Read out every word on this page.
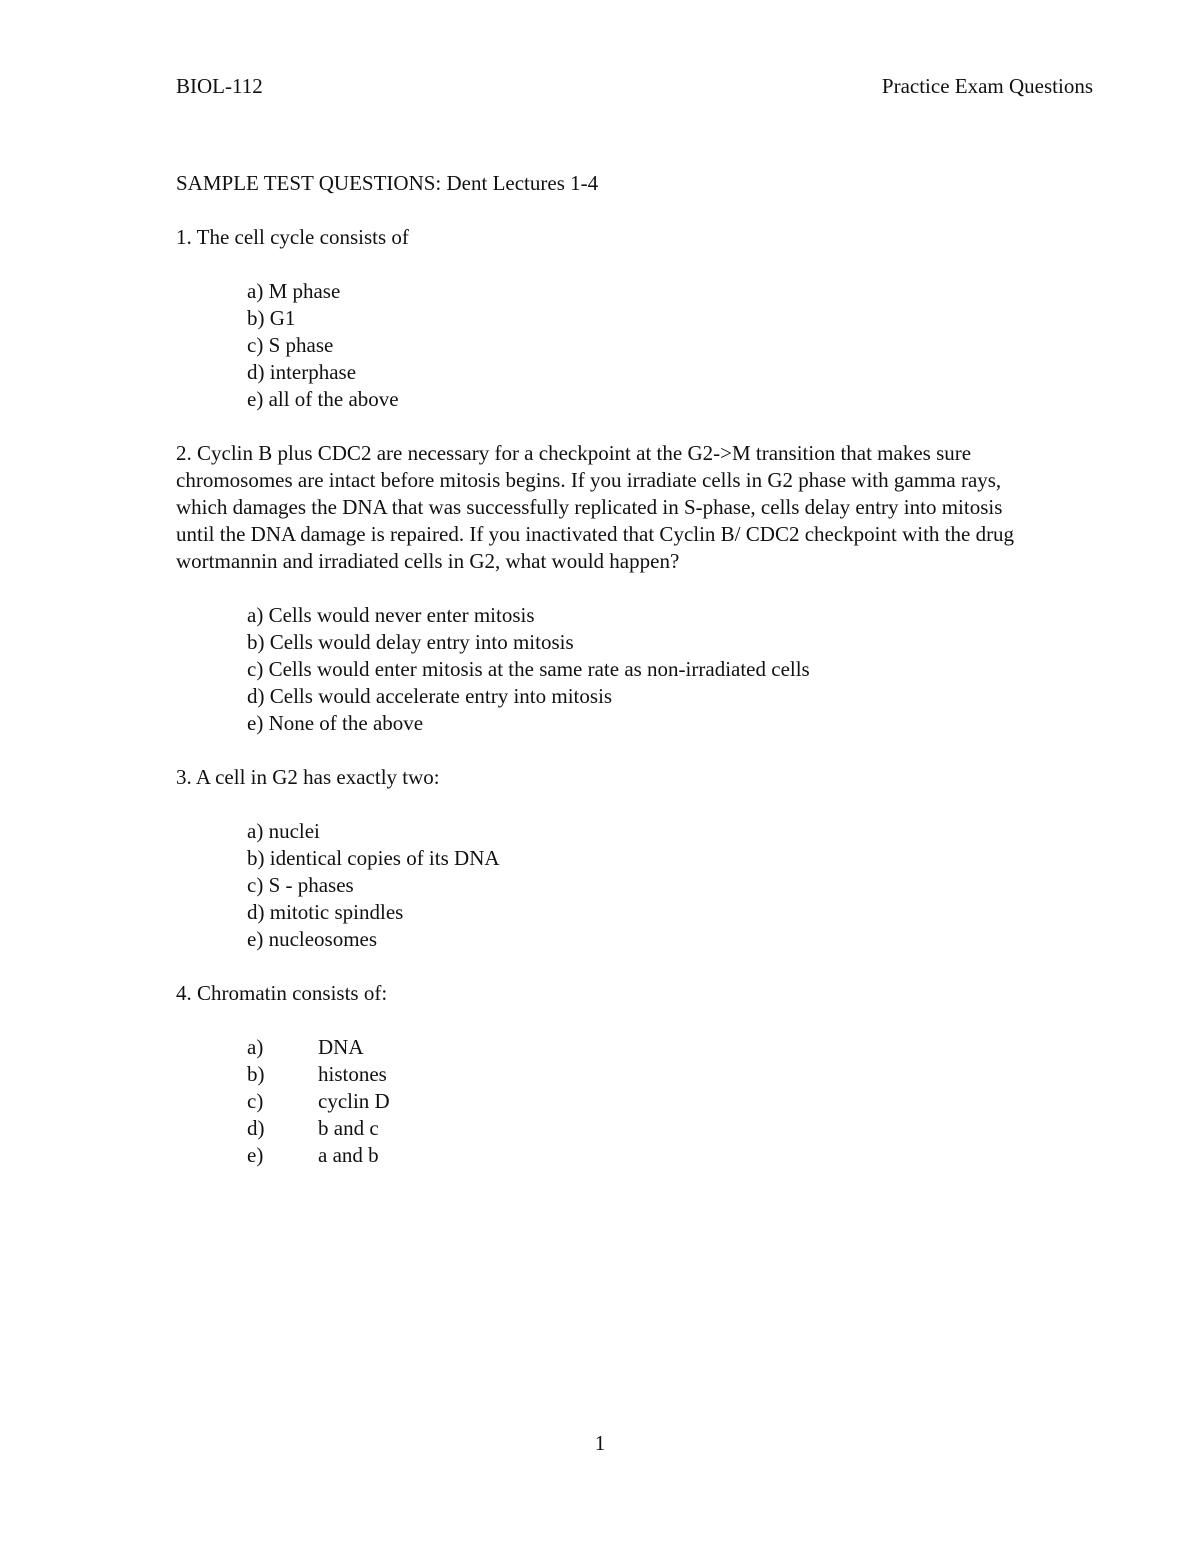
BIOL-112	Practice Exam Questions

SAMPLE TEST QUESTIONS: Dent Lectures 1-4

1. The cell cycle consists of

a) M phase
b) G1
c) S phase
d) interphase
e) all of the above

2. Cyclin B plus CDC2 are necessary for a checkpoint at the G2->M transition that makes sure chromosomes are intact before mitosis begins. If you irradiate cells in G2 phase with gamma rays, which damages the DNA that was successfully replicated in S-phase, cells delay entry into mitosis until the DNA damage is repaired. If you inactivated that Cyclin B/ CDC2 checkpoint with the drug wortmannin and irradiated cells in G2, what would happen?

a) Cells would never enter mitosis
b) Cells would delay entry into mitosis
c) Cells would enter mitosis at the same rate as non-irradiated cells
d) Cells would accelerate entry into mitosis
e) None of the above

3. A cell in G2 has exactly two:

a) nuclei
b) identical copies of its DNA
c) S - phases
d) mitotic spindles
e) nucleosomes

4. Chromatin consists of:

a)	DNA
b)	histones
c)	cyclin D
d)	b and c
e)	a and b
1
